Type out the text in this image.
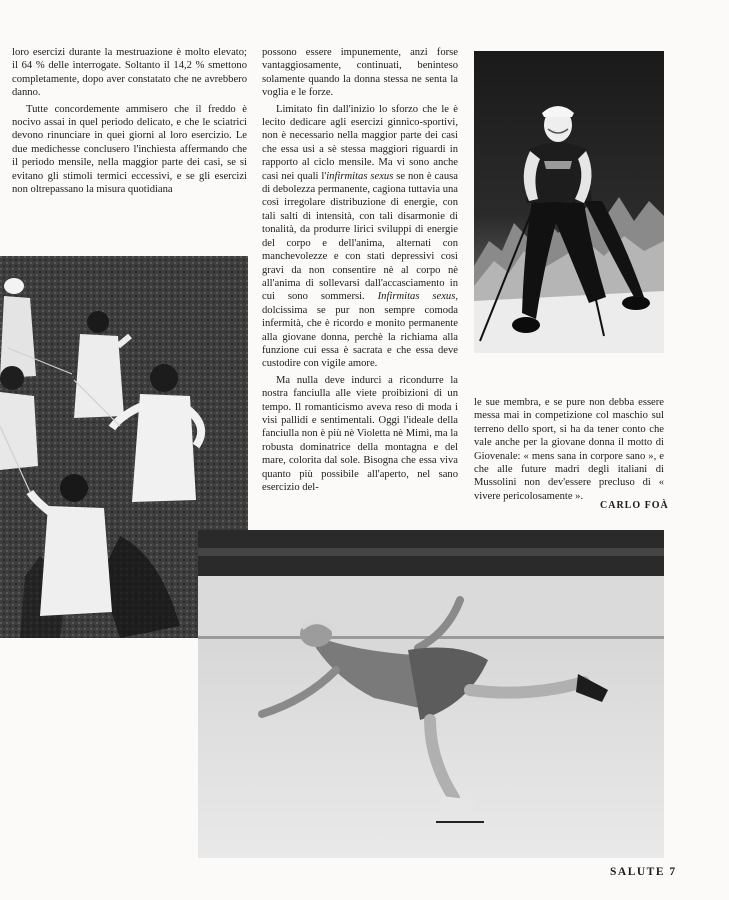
loro esercizi durante la mestruazione è molto elevato; il 64 % delle interrogate. Soltanto il 14,2 % smettono completamente, dopo aver constatato che ne avrebbero danno.

Tutte concordemente ammisero che il freddo è nocivo assai in quel periodo delicato, e che le sciatrici devono rinunciare in quei giorni al loro esercizio. Le due medichesse conclusero l'inchiesta affermando che il periodo mensile, nella maggior parte dei casi, se si evitano gli stimoli termici eccessivi, e se gli esercizi non oltrepassano la misura quotidiana

possono essere impunemente, anzi forse vantaggiosamente, continuati, beninteso solamente quando la donna stessa ne senta la voglia e le forze.

Limitato fin dall'inizio lo sforzo che le è lecito dedicare agli esercizi ginnico-sportivi, non è necessario nella maggior parte dei casi che essa usi a sè stessa maggiori riguardi in rapporto al ciclo mensile. Ma vi sono anche casi nei quali l'infirmitas sexus se non è causa di debolezza permanente, cagiona tuttavia una così irregolare distribuzione di energie, con tali salti di intensità, con tali disarmonie di tonalità, da produrre lirici sviluppi di energie del corpo e dell'anima, alternati con manchevolezze e con stati depressivi così gravi da non consentire nè al corpo nè all'anima di sollevarsi dall'accasciamento in cui sono sommersi. Infirmitas sexus, dolcissima se pur non sempre comoda infermità, che è ricordo e monito permanente alla giovane donna, perchè la richiama alla funzione cui essa è sacrata e che essa deve custodire con vigile amore.

Ma nulla deve indurci a ricondurre la nostra fanciulla alle viete proibizioni di un tempo. Il romanticismo aveva reso di moda i visi pallidi e sentimentali. Oggi l'ideale della fanciulla non è più nè Violetta nè Mimì, ma la robusta dominatrice della montagna e del mare, colorita dal sole. Bisogna che essa viva quanto più possibile all'aperto, nel sano esercizio del-

le sue membra, e se pure non debba essere messa mai in competizione col maschio sul terreno dello sport, si ha da tener conto che vale anche per la giovane donna il motto di Giovenale: « mens sana in corpore sano », e che alle future madri degli italiani di Mussolini non dev'essere precluso di « vivere pericolosamente ».

CARLO FOÀ
SALUTE 7
